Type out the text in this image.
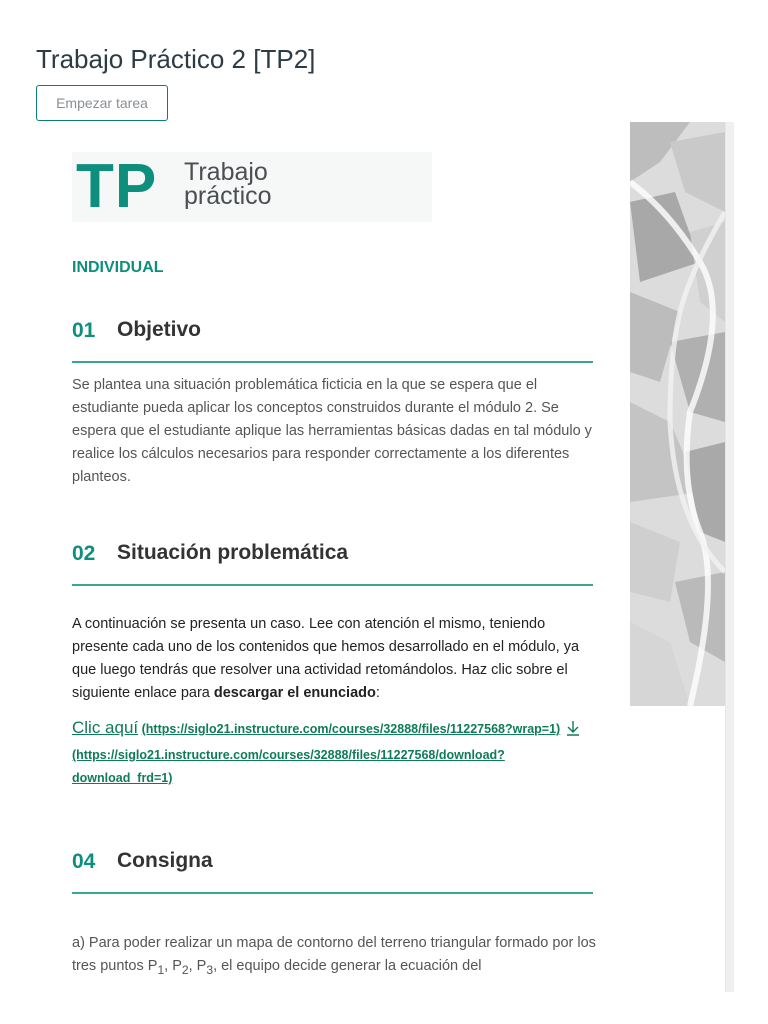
Trabajo Práctico 2 [TP2]
Empezar tarea
TP Trabajo
práctico
INDIVIDUAL
01 Objetivo

Se plantea una situación problemática ficticia en la que se espera que el estudiante pueda aplicar los conceptos construidos durante el módulo 2. Se espera que el estudiante aplique las herramientas básicas dadas en tal módulo y realice los cálculos necesarios para responder correctamente a los diferentes planteos.

02 Situación problemática

A continuación se presenta un caso. Lee con atención el mismo, teniendo presente cada uno de los contenidos que hemos desarrollado en el módulo, ya que luego tendrás que resolver una actividad retomándolos. Haz clic sobre el siguiente enlace para descargar el enunciado:

Clic aquí (https://siglo21.instructure.com/courses/32888/files/11227568?wrap=1)
(https://siglo21.instructure.com/courses/32888/files/11227568/download?download_frd=1)
04 Consigna

a) Para poder realizar un mapa de contorno del terreno triangular formado por los tres puntos $P_1$, $P_2$, $P_3$, el equipo decide generar la ecuación del
